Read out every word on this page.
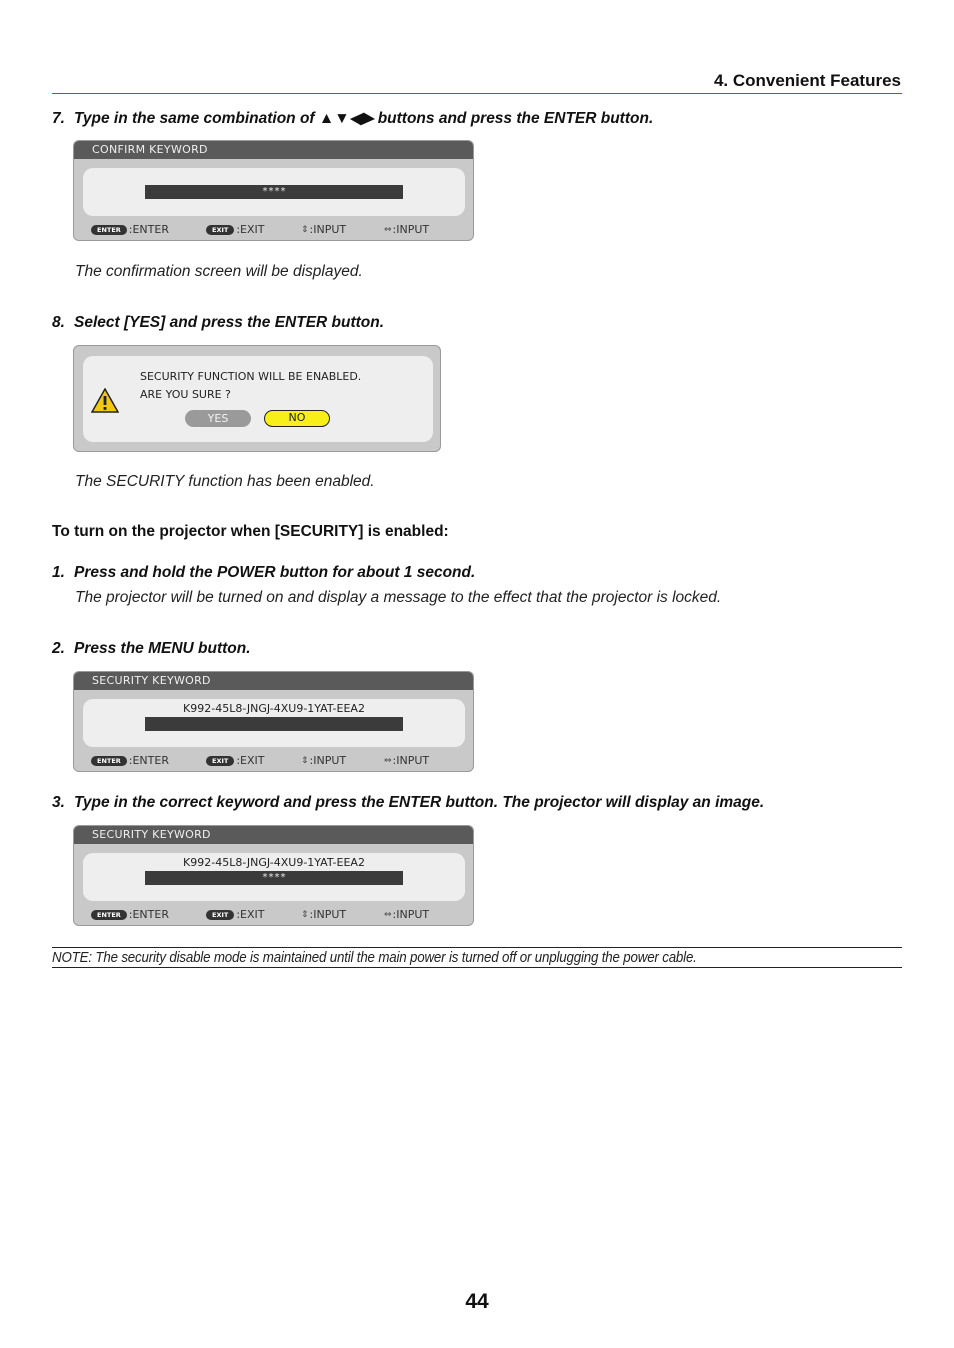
4. Convenient Features
7. Type in the same combination of ▲▼◀▶ buttons and press the ENTER button.
CONFIRM KEYWORD
****
ENTER :ENTER	EXIT :EXIT	⇕ :INPUT	⇔ :INPUT
The confirmation screen will be displayed.
8. Select [YES] and press the ENTER button.
SECURITY FUNCTION WILL BE ENABLED.
ARE YOU SURE ?
YES	NO
The SECURITY function has been enabled.
To turn on the projector when [SECURITY] is enabled:
1. Press and hold the POWER button for about 1 second.
The projector will be turned on and display a message to the effect that the projector is locked.
2. Press the MENU button.
SECURITY KEYWORD
K992-45L8-JNGJ-4XU9-1YAT-EEA2
ENTER :ENTER	EXIT :EXIT	⇕ :INPUT	⇔ :INPUT
3. Type in the correct keyword and press the ENTER button. The projector will display an image.
SECURITY KEYWORD
K992-45L8-JNGJ-4XU9-1YAT-EEA2
****
ENTER :ENTER	EXIT :EXIT	⇕ :INPUT	⇔ :INPUT
NOTE: The security disable mode is maintained until the main power is turned off or unplugging the power cable.
44
